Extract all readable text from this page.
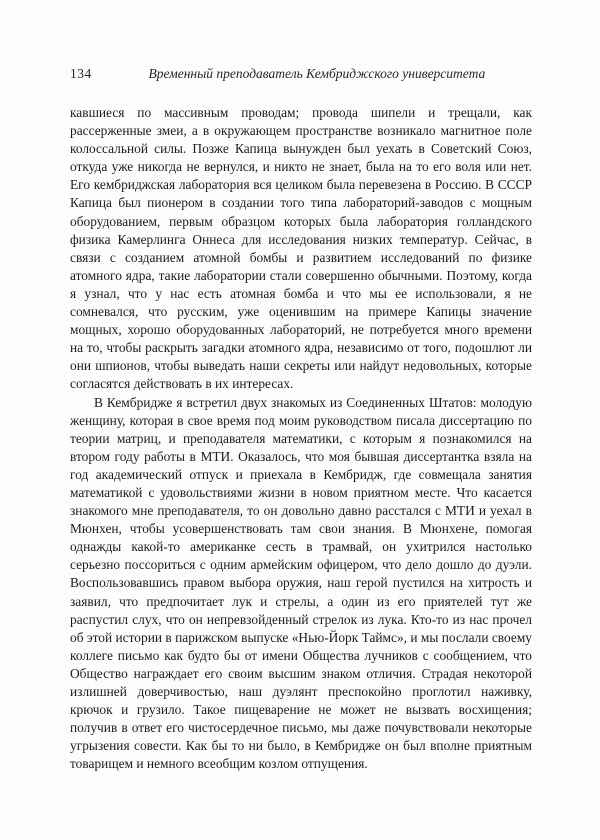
134	Временный преподаватель Кембриджского университета

кавшиеся по массивным проводам; провода шипели и трещали, как рассерженные змеи, а в окружающем пространстве возникало магнитное поле колоссальной силы. Позже Капица вынужден был уехать в Советский Союз, откуда уже никогда не вернулся, и никто не знает, была на то его воля или нет. Его кембриджская лаборатория вся целиком была перевезена в Россию. В СССР Капица был пионером в создании того типа лабораторий-заводов с мощным оборудованием, первым образцом которых была лаборатория голландского физика Камерлинга Оннеса для исследования низких температур. Сейчас, в связи с созданием атомной бомбы и развитием исследований по физике атомного ядра, такие лаборатории стали совершенно обычными. Поэтому, когда я узнал, что у нас есть атомная бомба и что мы ее использовали, я не сомневался, что русским, уже оценившим на примере Капицы значение мощных, хорошо оборудованных лабораторий, не потребуется много времени на то, чтобы раскрыть загадки атомного ядра, независимо от того, подошлют ли они шпионов, чтобы выведать наши секреты или найдут недовольных, которые согласятся действовать в их интересах.

В Кембридже я встретил двух знакомых из Соединенных Штатов: молодую женщину, которая в свое время под моим руководством писала диссертацию по теории матриц, и преподавателя математики, с которым я познакомился на втором году работы в МТИ. Оказалось, что моя бывшая диссертантка взяла на год академический отпуск и приехала в Кембридж, где совмещала занятия математикой с удовольствиями жизни в новом приятном месте. Что касается знакомого мне преподавателя, то он довольно давно расстался с МТИ и уехал в Мюнхен, чтобы усовершенствовать там свои знания. В Мюнхене, помогая однажды какой-то американке сесть в трамвай, он ухитрился настолько серьезно поссориться с одним армейским офицером, что дело дошло до дуэли. Воспользовавшись правом выбора оружия, наш герой пустился на хитрость и заявил, что предпочитает лук и стрелы, а один из его приятелей тут же распустил слух, что он непревзойденный стрелок из лука. Кто-то из нас прочел об этой истории в парижском выпуске «Нью-Йорк Таймс», и мы послали своему коллеге письмо как будто бы от имени Общества лучников с сообщением, что Общество награждает его своим высшим знаком отличия. Страдая некоторой излишней доверчивостью, наш дуэлянт преспокойно проглотил наживку, крючок и грузило. Такое пищеварение не может не вызвать восхищения; получив в ответ его чистосердечное письмо, мы даже почувствовали некоторые угрызения совести. Как бы то ни было, в Кембридже он был вполне приятным товарищем и немного всеобщим козлом отпущения.
